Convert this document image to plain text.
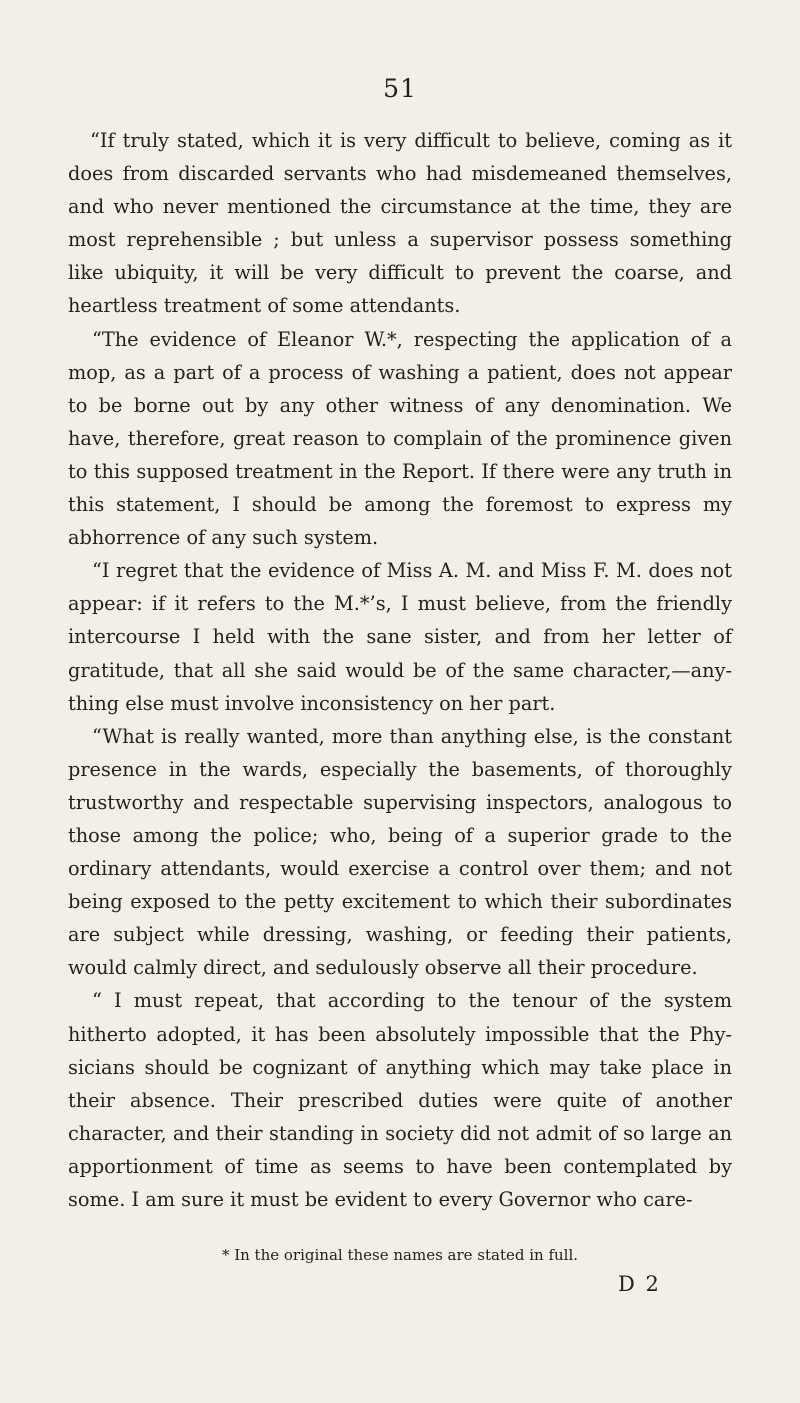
51

“If truly stated, which it is very difficult to believe, coming as it does from discarded servants who had misdemeaned themselves, and who never mentioned the circumstance at the time, they are most reprehensible ; but unless a supervisor possess something like ubiquity, it will be very difficult to prevent the coarse, and heartless treatment of some attendants.

“The evidence of Eleanor W.*, respecting the application of a mop, as a part of a process of washing a patient, does not appear to be borne out by any other witness of any denomination. We have, therefore, great reason to complain of the prominence given to this supposed treatment in the Report. If there were any truth in this statement, I should be among the foremost to express my abhorrence of any such system.

“I regret that the evidence of Miss A. M. and Miss F. M. does not appear: if it refers to the M.*’s, I must believe, from the friendly intercourse I held with the sane sister, and from her letter of gratitude, that all she said would be of the same character,—anything else must involve inconsistency on her part.

“What is really wanted, more than anything else, is the constant presence in the wards, especially the basements, of thoroughly trustworthy and respectable supervising inspectors, analogous to those among the police; who, being of a superior grade to the ordinary attendants, would exercise a control over them; and not being exposed to the petty excitement to which their subordinates are subject while dressing, washing, or feeding their patients, would calmly direct, and sedulously observe all their procedure.

“ I must repeat, that according to the tenour of the system hitherto adopted, it has been absolutely impossible that the Physicians should be cognizant of anything which may take place in their absence. Their prescribed duties were quite of another character, and their standing in society did not admit of so large an apportionment of time as seems to have been contemplated by some. I am sure it must be evident to every Governor who care-

* In the original these names are stated in full.
D 2
